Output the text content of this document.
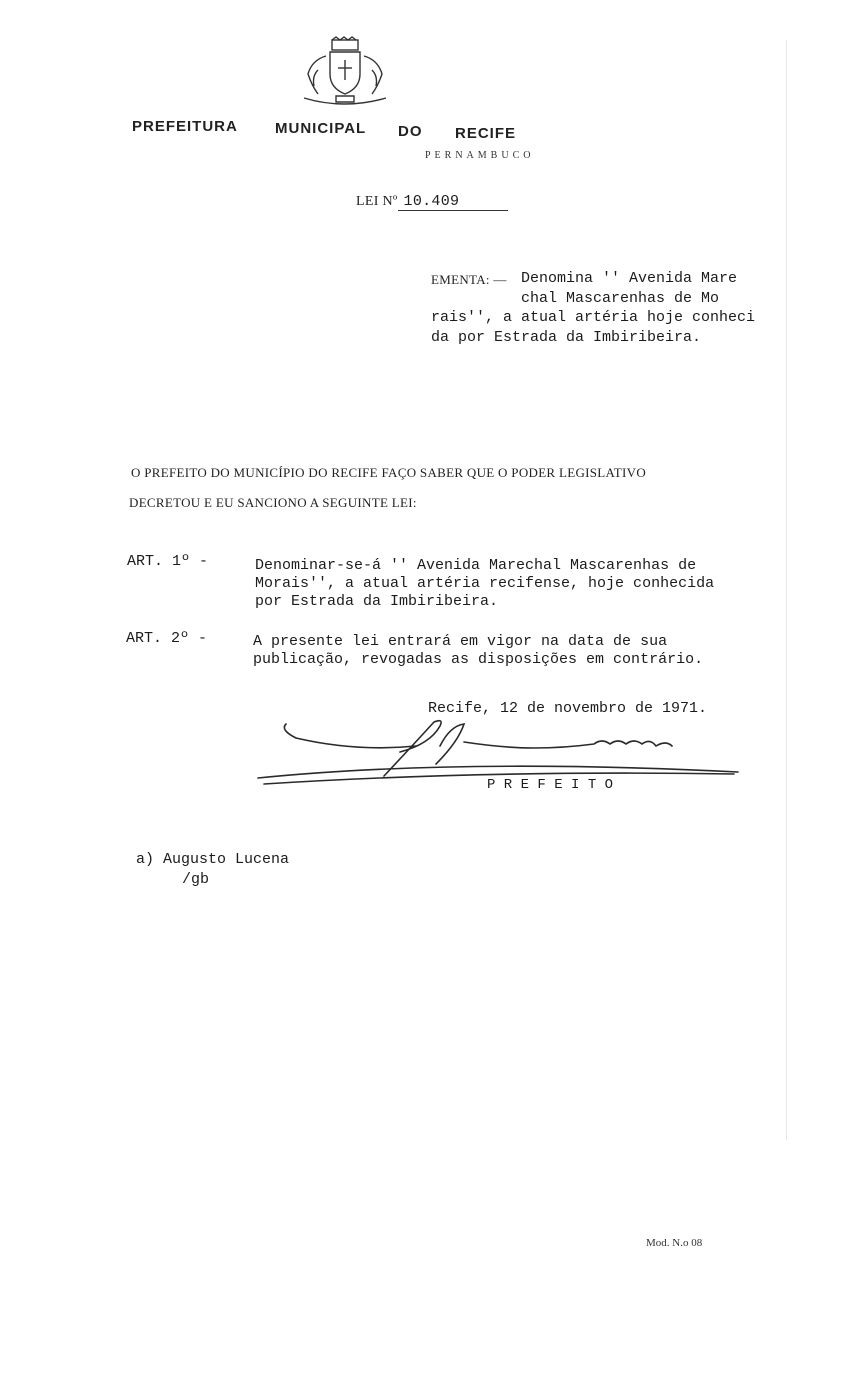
PREFEITURA MUNICIPAL DO RECIFE
PERNAMBUCO
LEI Nº 10.409
EMENTA: — Denomina '' Avenida Mare
chal Mascarenhas de Mo
rais'', a atual artéria hoje conheci
da por Estrada da Imbiribeira.
O PREFEITO DO MUNICÍPIO DO RECIFE FAÇO SABER QUE O PODER LEGISLATIVO
DECRETOU E EU SANCIONO A SEGUINTE LEI:
ART. 1º -	Denominar-se-á '' Avenida Marechal Mascarenhas de Morais'', a atual artéria recifense, hoje conhecida por Estrada da Imbiribeira.
ART. 2º -	A presente lei entrará em vigor na data de sua publicação, revogadas as disposições em contrário.
Recife, 12 de novembro de 1971.
P R E F E I T O
a) Augusto Lucena
/gb
Mod. N.o 08
